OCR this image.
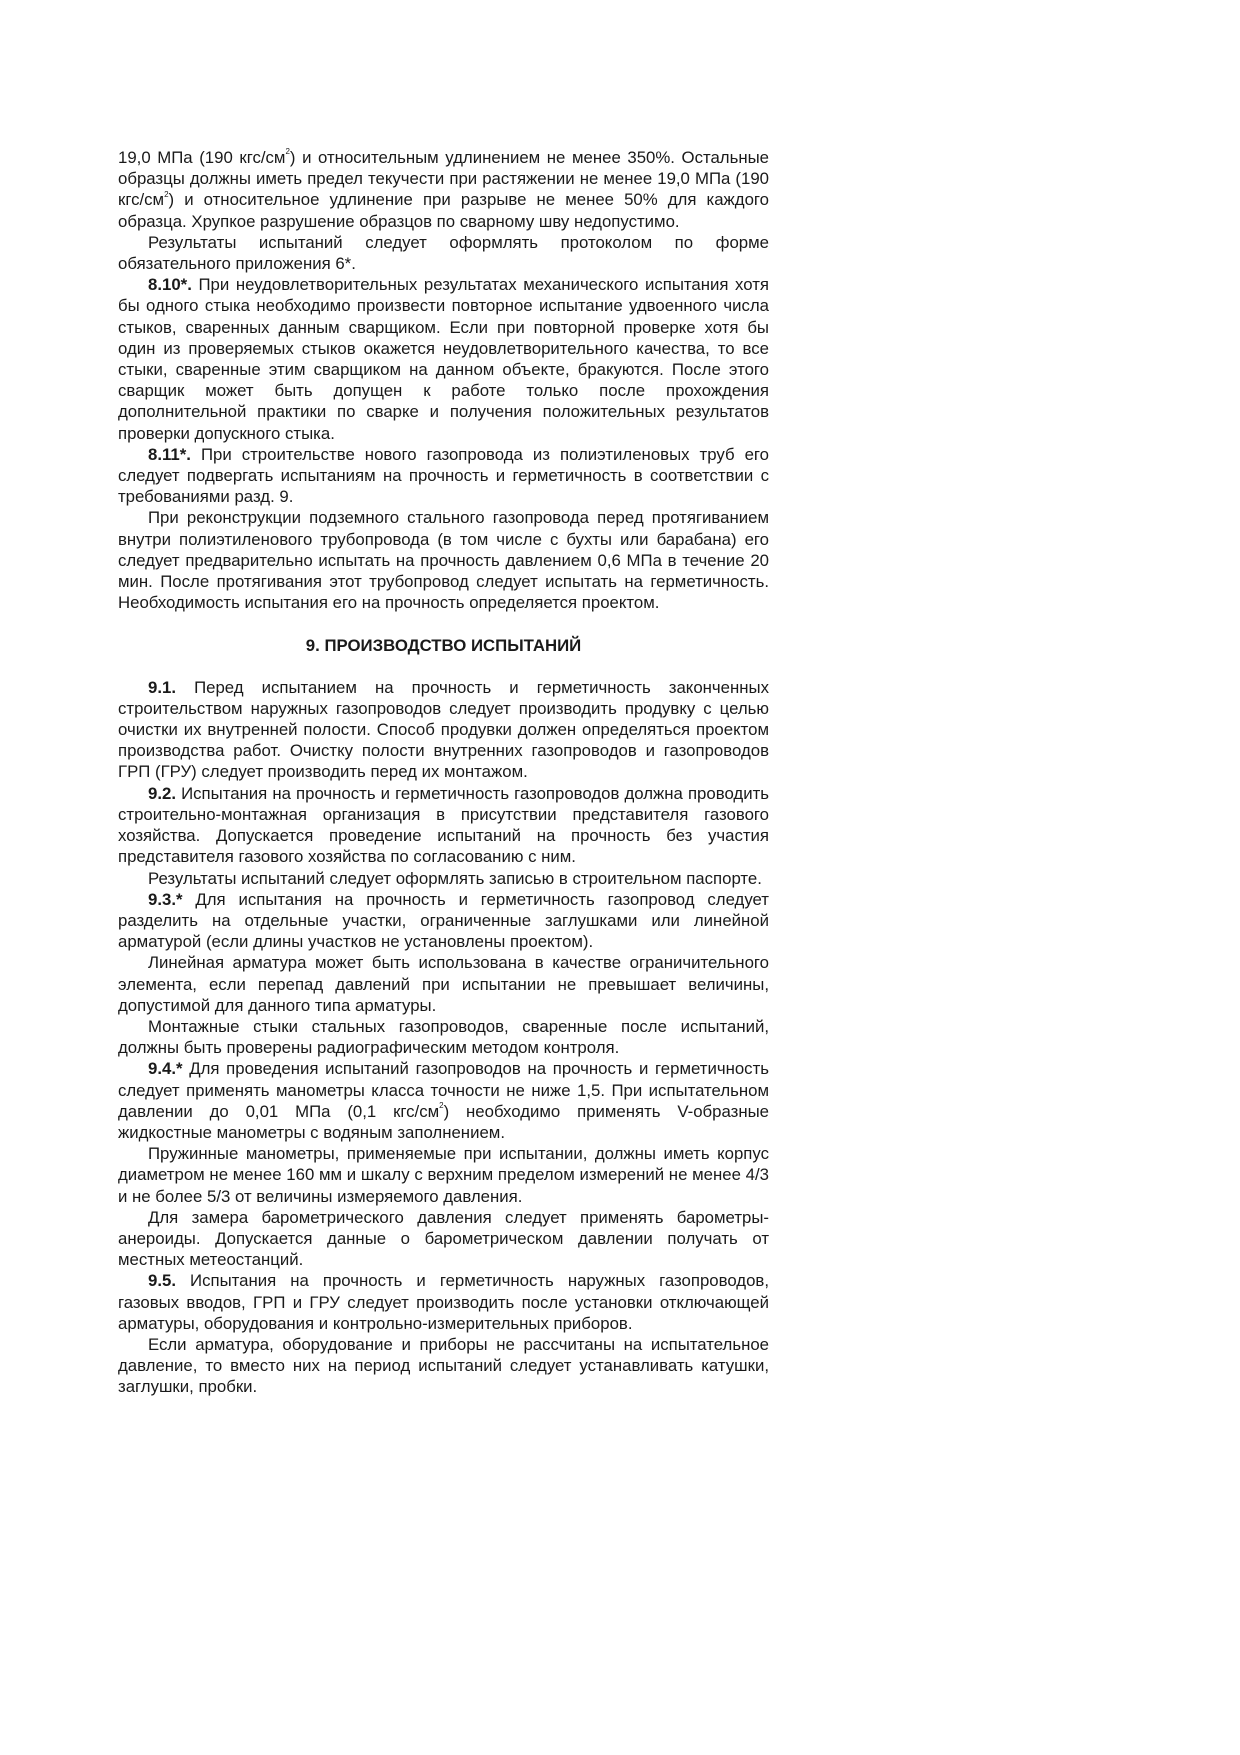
19,0 МПа (190 кгс/$см^2$) и относительным удлинением не менее 350%. Остальные образцы должны иметь предел текучести при растяжении не менее 19,0 МПа (190 кгс/$см^2$) и относительное удлинение при разрыве не менее 50% для каждого образца. Хрупкое разрушение образцов по сварному шву недопустимо.

Результаты испытаний следует оформлять протоколом по форме обязательного приложения 6*.

8.10*. При неудовлетворительных результатах механического испытания хотя бы одного стыка необходимо произвести повторное испытание удвоенного числа стыков, сваренных данным сварщиком. Если при повторной проверке хотя бы один из проверяемых стыков окажется неудовлетворительного качества, то все стыки, сваренные этим сварщиком на данном объекте, бракуются. После этого сварщик может быть допущен к работе только после прохождения дополнительной практики по сварке и получения положительных результатов проверки допускного стыка.

8.11*. При строительстве нового газопровода из полиэтиленовых труб его следует подвергать испытаниям на прочность и герметичность в соответствии с требованиями разд. 9.

При реконструкции подземного стального газопровода перед протягиванием внутри полиэтиленового трубопровода (в том числе с бухты или барабана) его следует предварительно испытать на прочность давлением 0,6 МПа в течение 20 мин. После протягивания этот трубопровод следует испытать на герметичность. Необходимость испытания его на прочность определяется проектом.

9. ПРОИЗВОДСТВО ИСПЫТАНИЙ

9.1. Перед испытанием на прочность и герметичность законченных строительством наружных газопроводов следует производить продувку с целью очистки их внутренней полости. Способ продувки должен определяться проектом производства работ. Очистку полости внутренних газопроводов и газопроводов ГРП (ГРУ) следует производить перед их монтажом.

9.2. Испытания на прочность и герметичность газопроводов должна проводить строительно-монтажная организация в присутствии представителя газового хозяйства. Допускается проведение испытаний на прочность без участия представителя газового хозяйства по согласованию с ним.

Результаты испытаний следует оформлять записью в строительном паспорте.

9.3.* Для испытания на прочность и герметичность газопровод следует разделить на отдельные участки, ограниченные заглушками или линейной арматурой (если длины участков не установлены проектом).

Линейная арматура может быть использована в качестве ограничительного элемента, если перепад давлений при испытании не превышает величины, допустимой для данного типа арматуры.

Монтажные стыки стальных газопроводов, сваренные после испытаний, должны быть проверены радиографическим методом контроля.

9.4.* Для проведения испытаний газопроводов на прочность и герметичность следует применять манометры класса точности не ниже 1,5. При испытательном давлении до 0,01 МПа (0,1 кгс/$см^2$) необходимо применять V-образные жидкостные манометры с водяным заполнением.

Пружинные манометры, применяемые при испытании, должны иметь корпус диаметром не менее 160 мм и шкалу с верхним пределом измерений не менее 4/3 и не более 5/3 от величины измеряемого давления.

Для замера барометрического давления следует применять барометры-анероиды. Допускается данные о барометрическом давлении получать от местных метеостанций.

9.5. Испытания на прочность и герметичность наружных газопроводов, газовых вводов, ГРП и ГРУ следует производить после установки отключающей арматуры, оборудования и контрольно-измерительных приборов.

Если арматура, оборудование и приборы не рассчитаны на испытательное давление, то вместо них на период испытаний следует устанавливать катушки, заглушки, пробки.
